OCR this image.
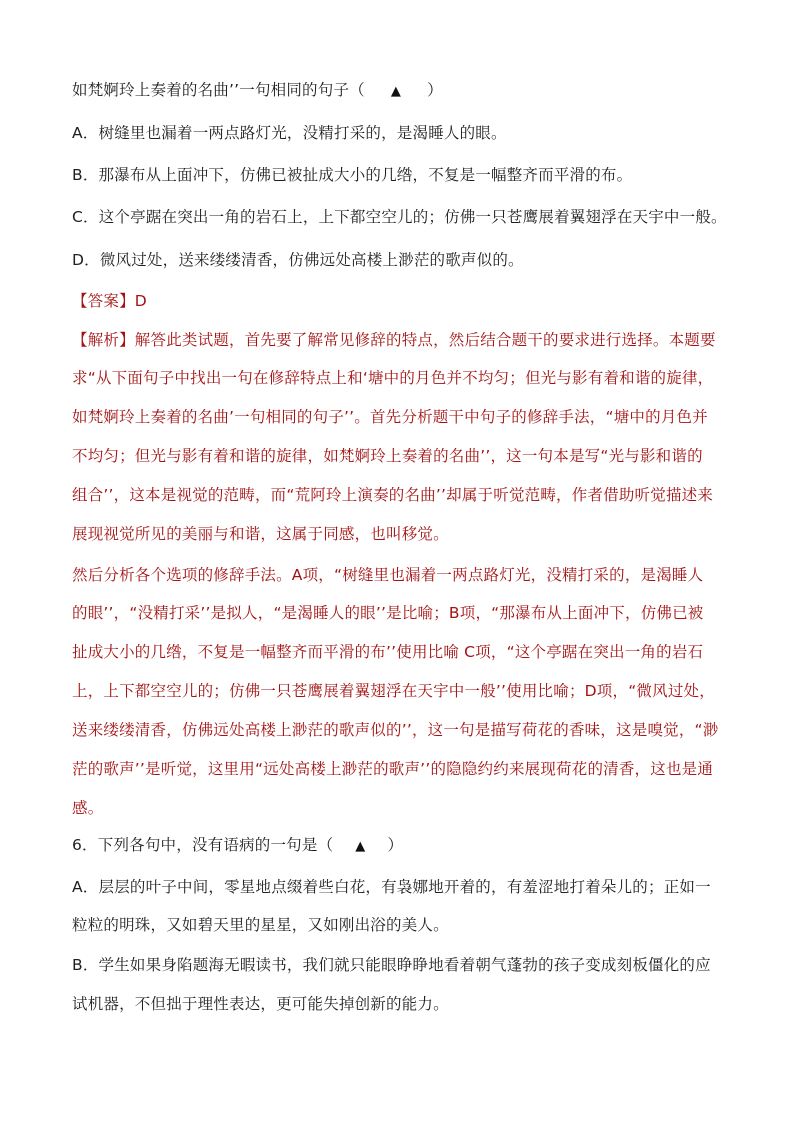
如梵婀玲上奏着的名曲’’一句相同的句子（ ▲ ）
A．树缝里也漏着一两点路灯光，没精打采的，是渴睡人的眼。
B．那瀑布从上面冲下，仿佛已被扯成大小的几绺，不复是一幅整齐而平滑的布。
C．这个亭踞在突出一角的岩石上，上下都空空儿的；仿佛一只苍鹰展着翼翅浮在天宇中一般。
D．微风过处，送来缕缕清香，仿佛远处高楼上渺茫的歌声似的。
【答案】D
【解析】解答此类试题，首先要了解常见修辞的特点，然后结合题干的要求进行选择。本题要
求“从下面句子中找出一句在修辞特点上和‘塘中的月色并不均匀；但光与影有着和谐的旋律，
如梵婀玲上奏着的名曲’一句相同的句子’’。首先分析题干中句子的修辞手法，“塘中的月色并
不均匀；但光与影有着和谐的旋律，如梵婀玲上奏着的名曲’’，这一句本是写“光与影和谐的
组合’’，这本是视觉的范畴，而“荒阿玲上演奏的名曲’’却属于听觉范畴，作者借助听觉描述来
展现视觉所见的美丽与和谐，这属于同感，也叫移觉。
然后分析各个选项的修辞手法。A项，“树缝里也漏着一两点路灯光，没精打采的，是渴睡人
的眼’’，“没精打采’’是拟人，“是渴睡人的眼’’是比喻；B项，“那瀑布从上面冲下，仿佛已被
扯成大小的几绺，不复是一幅整齐而平滑的布’’使用比喻 C项，“这个亭踞在突出一角的岩石
上，上下都空空儿的；仿佛一只苍鹰展着翼翅浮在天宇中一般’’使用比喻；D项，“微风过处，
送来缕缕清香，仿佛远处高楼上渺茫的歌声似的’’，这一句是描写荷花的香味，这是嗅觉，“渺
茫的歌声’’是听觉，这里用“远处高楼上渺茫的歌声’’的隐隐约约来展现荷花的清香，这也是通
感。
6．下列各句中，没有语病的一句是（ ▲ ）
A．层层的叶子中间，零星地点缀着些白花，有袅娜地开着的，有羞涩地打着朵儿的；正如一
粒粒的明珠，又如碧天里的星星，又如刚出浴的美人。
B．学生如果身陷题海无暇读书，我们就只能眼睁睁地看着朝气蓬勃的孩子变成刻板僵化的应
试机器，不但拙于理性表达，更可能失掉创新的能力。
